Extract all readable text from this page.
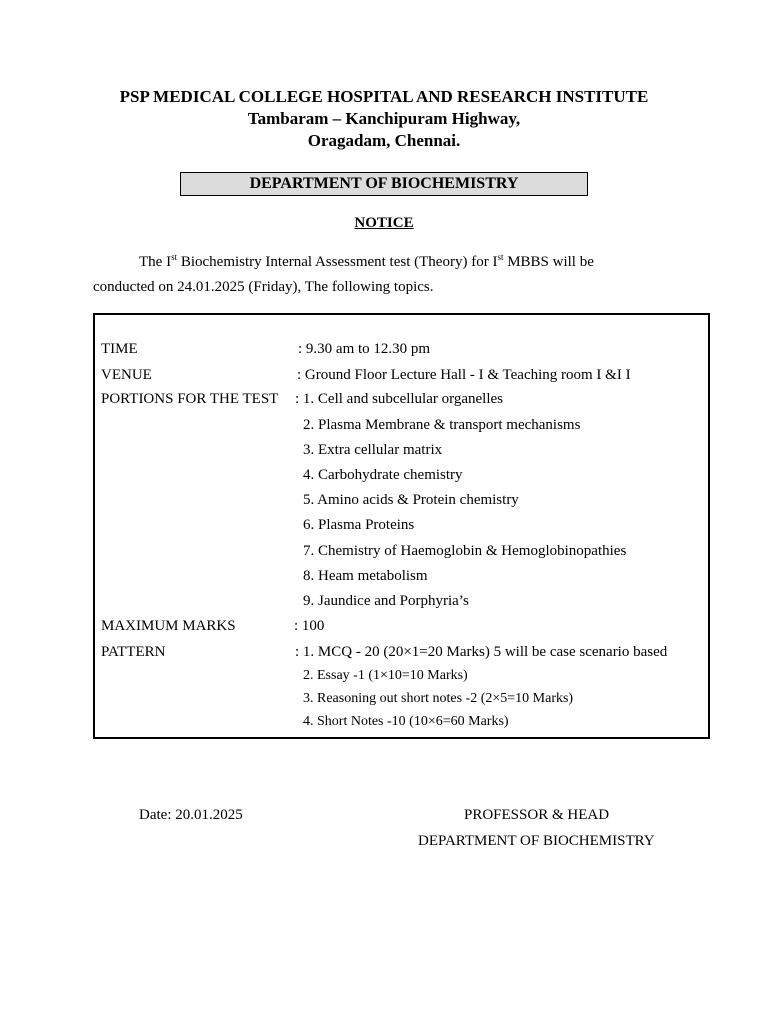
PSP MEDICAL COLLEGE HOSPITAL AND RESEARCH INSTITUTE
Tambaram – Kanchipuram Highway,
Oragadam, Chennai.
DEPARTMENT OF BIOCHEMISTRY
NOTICE
The Ist Biochemistry Internal Assessment test (Theory) for Ist MBBS will be
conducted on 24.01.2025 (Friday), The following topics.
TIME	: 9.30 am to 12.30 pm
VENUE	: Ground Floor Lecture Hall - I & Teaching room I &I I
PORTIONS FOR THE TEST : 1. Cell and subcellular organelles
2. Plasma Membrane & transport mechanisms
3. Extra cellular matrix
4. Carbohydrate chemistry
5. Amino acids & Protein chemistry
6. Plasma Proteins
7. Chemistry of Haemoglobin & Hemoglobinopathies
8. Heam metabolism
9. Jaundice and Porphyria’s
MAXIMUM MARKS	: 100
PATTERN	: 1. MCQ - 20 (20×1=20 Marks) 5 will be case scenario based
2. Essay -1 (1×10=10 Marks)
3. Reasoning out short notes -2 (2×5=10 Marks)
4. Short Notes -10 (10×6=60 Marks)
Date: 20.01.2025	PROFESSOR & HEAD
DEPARTMENT OF BIOCHEMISTRY
